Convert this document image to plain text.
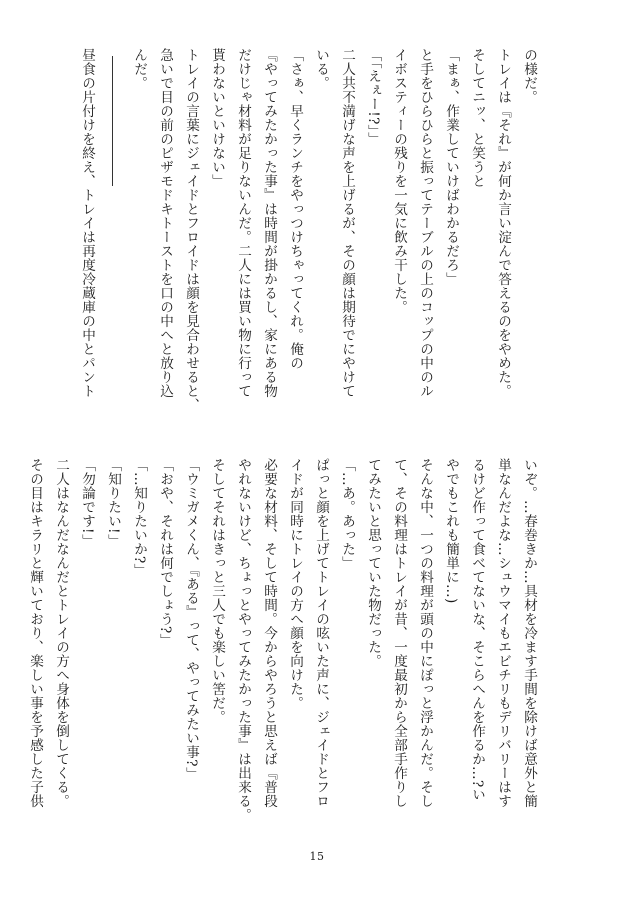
の様だ。
トレイは『それ』が何か言い淀んで答えるのをやめた。
そしてニッ、と笑うと
「まぁ、作業していけばわかるだろ」
と手をひらひらと振ってテーブルの上のコップの中のル
イボスティーの残りを一気に飲み干した。
「「えぇー!?」」
二人共不満げな声を上げるが、その顔は期待でにやけて
いる。
「さぁ、早くランチをやっつけちゃってくれ。俺の
『やってみたかった事』は時間が掛かるし、家にある物
だけじゃ材料が足りないんだ。二人には買い物に行って
貰わないといけない」
トレイの言葉にジェイドとフロイドは顔を見合わせると、
急いで目の前のピザモドキトーストを口の中へと放り込
んだ。
昼食の片付けを終え、トレイは再度冷蔵庫の中とパント
いぞ。…春巻きか…具材を冷ます手間を除けば意外と簡
単なんだよな…シュウマイもエビチリもデリバリーはす
るけど作って食べてないな、そこらへんを作るか…?い
やでもこれも簡単に…)
そんな中、一つの料理が頭の中にぽっと浮かんだ。そし
て、その料理はトレイが昔、一度最初から全部手作りし
てみたいと思っていた物だった。
「…あ。あった」
ぱっと顔を上げてトレイの呟いた声に、ジェイドとフロ
イドが同時にトレイの方へ顔を向けた。
必要な材料、そして時間。今からやろうと思えば『普段
やれないけど、ちょっとやってみたかった事』は出来る。
そしてそれはきっと三人でも楽しい筈だ。
「ウミガメくん、『ある』って、やってみたい事?」
「おや、それは何でしょう?」
「…知りたいか?」
「知りたい!」
「勿論です!」
二人はなんだなんだとトレイの方へ身体を倒してくる。
その目はキラリと輝いており、楽しい事を予感した子供
15
